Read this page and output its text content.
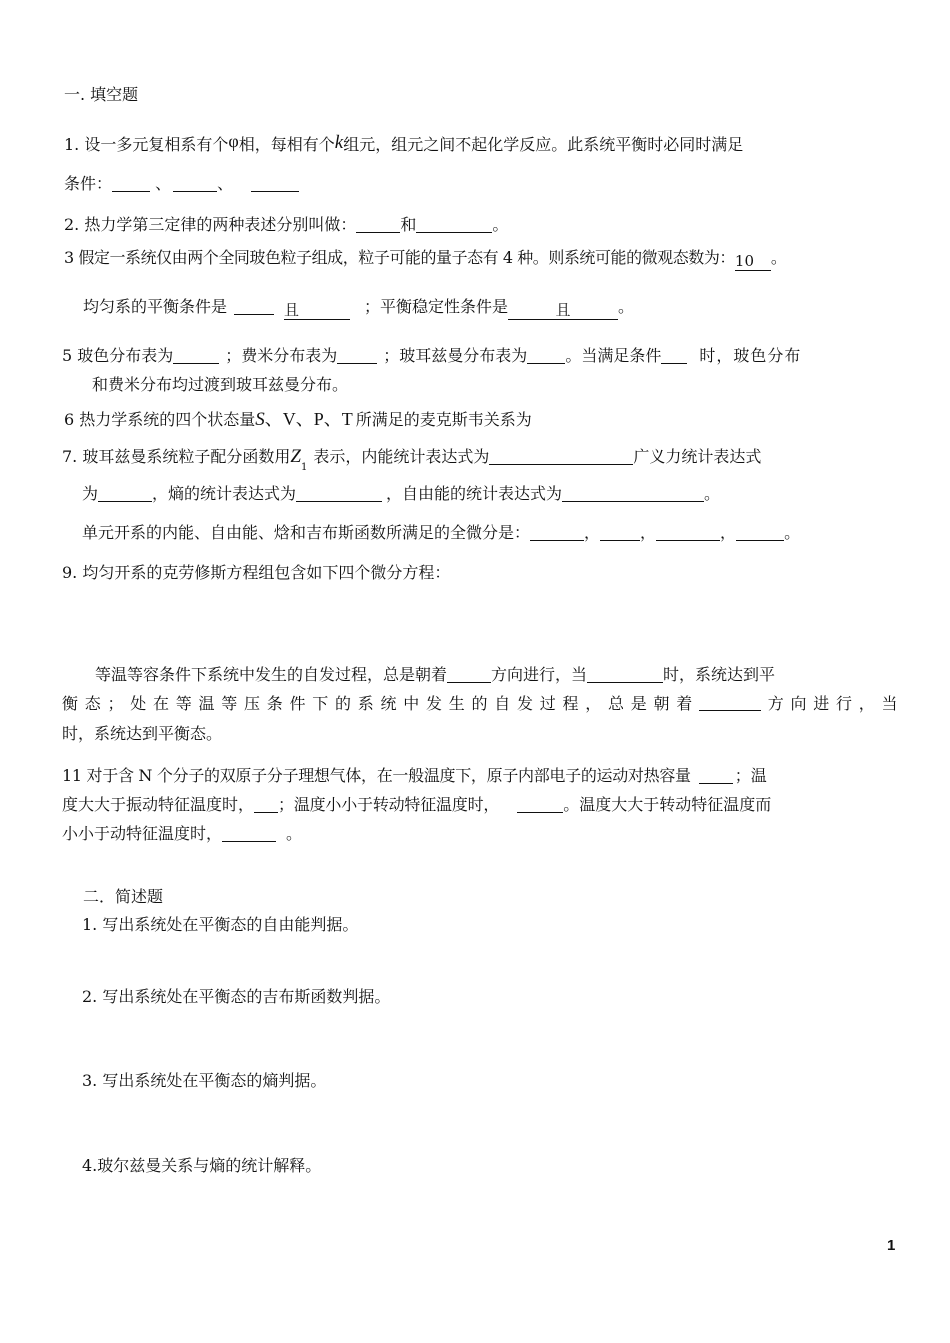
一. 填空题
1. 设一多元复相系有个φ相，每相有个k组元，组元之间不起化学反应。此系统平衡时必同时满足
条件：	、	、
2. 热力学第三定律的两种表述分别叫做：	和	。
3 假定一系统仅由两个全同玻色粒子组成，粒子可能的量子态有 4 种。则系统可能的微观态数为：10 。
均匀系的平衡条件是	且	；平衡稳定性条件是	且	。
5 玻色分布表为	；费米分布表为	；玻耳兹曼分布表为 。当满足条件 时，玻色分布
和费米分布均过渡到玻耳兹曼分布。
6 热力学系统的四个状态量S、V、P、T 所满足的麦克斯韦关系为
7. 玻耳兹曼系统粒子配分函数用$Z_1$表示，内能统计表达式为	广义力统计表达式
为	，熵的统计表达式为	，自由能的统计表达式为	。
单元开系的内能、自由能、焓和吉布斯函数所满足的全微分是：	，	，	，	。
9. 均匀开系的克劳修斯方程组包含如下四个微分方程：
等温等容条件下系统中发生的自发过程，总是朝着	方向进行，当	时，系统达到平
衡 态 ； 处 在 等 温 等 压 条 件 下 的 系 统 中 发 生 的 自 发 过 程 ， 总 是 朝 着	方 向 进 行 ， 当
时，系统达到平衡态。
11 对于含 N 个分子的双原子分子理想气体，在一般温度下，原子内部电子的运动对热容量	；温
度大大于振动特征温度时， ；温度小小于转动特征温度时，	。温度大大于转动特征温度而
小小于动特征温度时，	。
二．简述题
1. 写出系统处在平衡态的自由能判据。
2. 写出系统处在平衡态的吉布斯函数判据。
3. 写出系统处在平衡态的熵判据。
4.玻尔兹曼关系与熵的统计解释。
1
